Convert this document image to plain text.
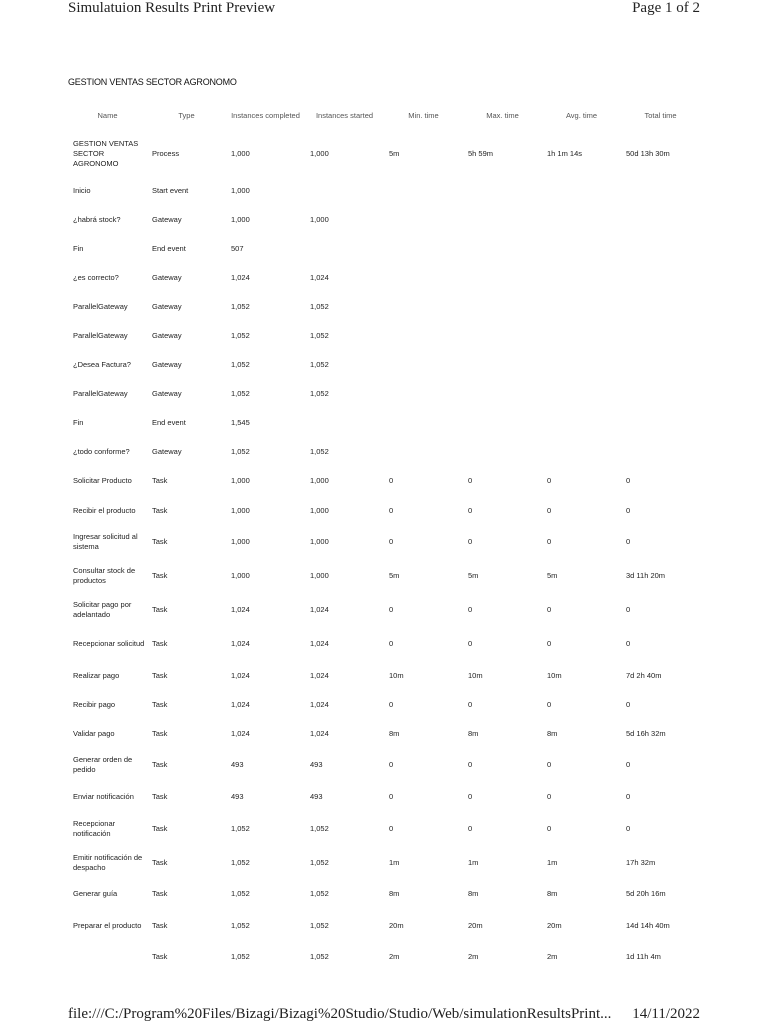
Simulatuion Results Print Preview	Page 1 of 2
GESTION VENTAS SECTOR AGRONOMO
Name	Type	Instances completed	Instances started	Min. time	Max. time	Avg. time	Total time
GESTION VENTAS SECTOR AGRONOMO	Process	1,000	1,000	5m	5h 59m	1h 1m 14s	50d 13h 30m
Inicio	Start event	1,000					
¿habrá stock?	Gateway	1,000	1,000				
Fin	End event	507					
¿es correcto?	Gateway	1,024	1,024				
ParallelGateway	Gateway	1,052	1,052				
ParallelGateway	Gateway	1,052	1,052				
¿Desea Factura?	Gateway	1,052	1,052				
ParallelGateway	Gateway	1,052	1,052				
Fin	End event	1,545					
¿todo conforme?	Gateway	1,052	1,052				
Solicitar Producto	Task	1,000	1,000	0	0	0	0
Recibir el producto	Task	1,000	1,000	0	0	0	0
Ingresar solicitud al sistema	Task	1,000	1,000	0	0	0	0
Consultar stock de productos	Task	1,000	1,000	5m	5m	5m	3d 11h 20m
Solicitar pago por adelantado	Task	1,024	1,024	0	0	0	0
Recepcionar solicitud	Task	1,024	1,024	0	0	0	0
Realizar pago	Task	1,024	1,024	10m	10m	10m	7d 2h 40m
Recibir pago	Task	1,024	1,024	0	0	0	0
Validar pago	Task	1,024	1,024	8m	8m	8m	5d 16h 32m
Generar orden de pedido	Task	493	493	0	0	0	0
Enviar notificación	Task	493	493	0	0	0	0
Recepcionar notificación	Task	1,052	1,052	0	0	0	0
Emitir notificación de despacho	Task	1,052	1,052	1m	1m	1m	17h 32m
Generar guía	Task	1,052	1,052	8m	8m	8m	5d 20h 16m
Preparar el producto	Task	1,052	1,052	20m	20m	20m	14d 14h 40m
	Task	1,052	1,052	2m	2m	2m	1d 11h 4m
file:///C:/Program%20Files/Bizagi/Bizagi%20Studio/Studio/Web/simulationResultsPrint...	14/11/2022
